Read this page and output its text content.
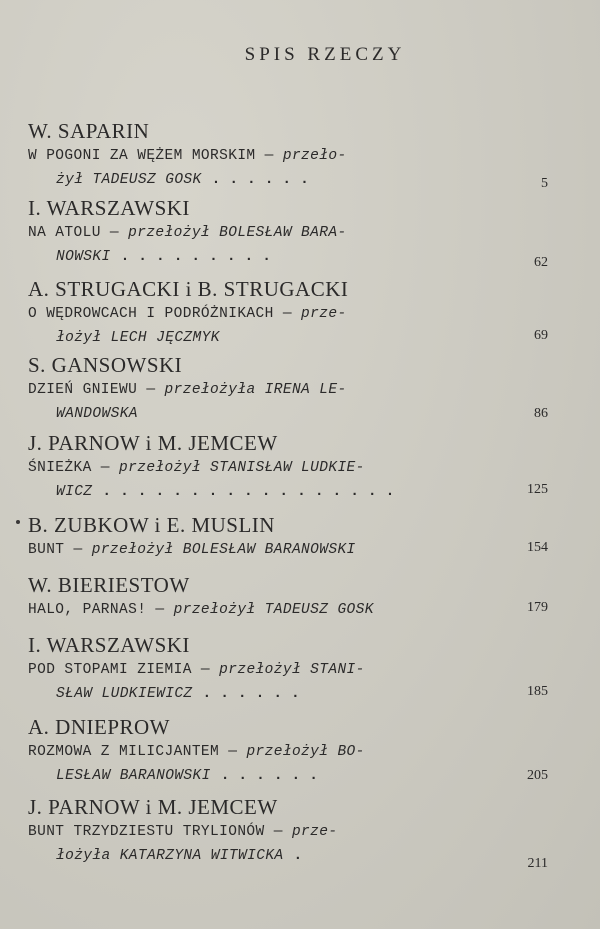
SPIS RZECZY
W. SAPARIN
W POGONI ZA WĘŻEM MORSKIM — przeło-
żył TADEUSZ GOSK ......	5
I. WARSZAWSKI
NA ATOLU — przełożył BOLESŁAW BARA-
NOWSKI .........	62
A. STRUGACKI i B. STRUGACKI
O WĘDROWCACH I PODRÓŻNIKACH — prze-
łożył LECH JĘCZMYK	69
S. GANSOWSKI
DZIEŃ GNIEWU — przełożyła IRENA LE-
WANDOWSKA	86
J. PARNOW i M. JEMCEW
ŚNIEŻKA — przełożył STANISŁAW LUDKIE-
WICZ .................	125
B. ZUBKOW i E. MUSLIN
BUNT — przełożył BOLESŁAW BARANOWSKI	154
W. BIERIESTOW
HALO, PARNAS! — przełożył TADEUSZ GOSK	179
I. WARSZAWSKI
POD STOPAMI ZIEMIA — przełożył STANI-
SŁAW LUDKIEWICZ ......	185
A. DNIEPROW
ROZMOWA Z MILICJANTEM — przełożył BO-
LESŁAW BARANOWSKI ......	205
J. PARNOW i M. JEMCEW
BUNT TRZYDZIESTU TRYLIONÓW — prze-
łożyła KATARZYNA WITWICKA .	211
